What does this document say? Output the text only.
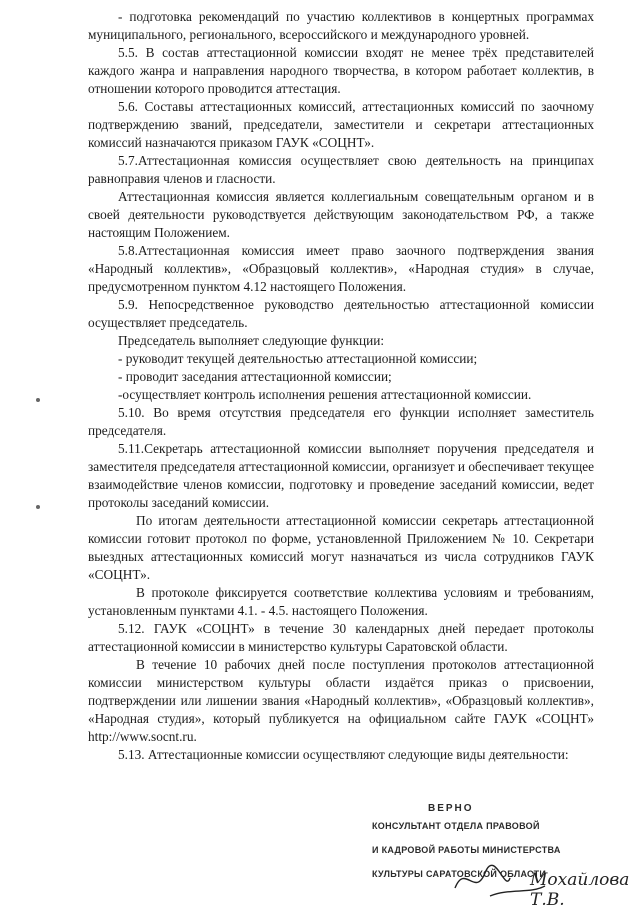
- подготовка рекомендаций по участию коллективов в концертных программах муниципального, регионального, всероссийского и международного уровней.

5.5. В состав аттестационной комиссии входят не менее трёх представителей каждого жанра и направления народного творчества, в котором работает коллектив, в отношении которого проводится аттестация.

5.6. Составы аттестационных комиссий, аттестационных комиссий по заочному подтверждению званий, председатели, заместители и секретари аттестационных комиссий назначаются приказом ГАУК «СОЦНТ».

5.7.Аттестационная комиссия осуществляет свою деятельность на принципах равноправия членов и гласности.

Аттестационная комиссия является коллегиальным совещательным органом и в своей деятельности руководствуется действующим законодательством РФ, а также настоящим Положением.

5.8.Аттестационная комиссия имеет право заочного подтверждения звания «Народный коллектив», «Образцовый коллектив», «Народная студия» в случае, предусмотренном пунктом 4.12 настоящего Положения.

5.9. Непосредственное руководство деятельностью аттестационной комиссии осуществляет председатель.

Председатель выполняет следующие функции:

- руководит текущей деятельностью аттестационной комиссии;

- проводит заседания аттестационной комиссии;

-осуществляет контроль исполнения решения аттестационной комиссии.

5.10. Во время отсутствия председателя его функции исполняет заместитель председателя.

5.11.Секретарь аттестационной комиссии выполняет поручения председателя и заместителя председателя аттестационной комиссии, организует и обеспечивает текущее взаимодействие членов комиссии, подготовку и проведение заседаний комиссии, ведет протоколы заседаний комиссии.

По итогам деятельности аттестационной комиссии секретарь аттестационной комиссии готовит протокол по форме, установленной Приложением № 10. Секретари выездных аттестационных комиссий могут назначаться из числа сотрудников ГАУК «СОЦНТ».

В протоколе фиксируется соответствие коллектива условиям и требованиям, установленным пунктами 4.1. - 4.5. настоящего Положения.

5.12. ГАУК «СОЦНТ» в течение 30 календарных дней передает протоколы аттестационной комиссии в министерство культуры Саратовской области.

В течение 10 рабочих дней после поступления протоколов аттестационной комиссии министерством культуры области издаётся приказ о присвоении, подтверждении или лишении звания «Народный коллектив», «Образцовый коллектив», «Народная студия», который публикуется на официальном сайте ГАУК «СОЦНТ» http://www.socnt.ru.

5.13. Аттестационные комиссии осуществляют следующие виды деятельности:

ВЕРНО
КОНСУЛЬТАНТ ОТДЕЛА ПРАВОВОЙ
И КАДРОВОЙ РАБОТЫ МИНИСТЕРСТВА
КУЛЬТУРЫ САРАТОВСКОЙ ОБЛАСТИ
Мохайлова Т.В.
